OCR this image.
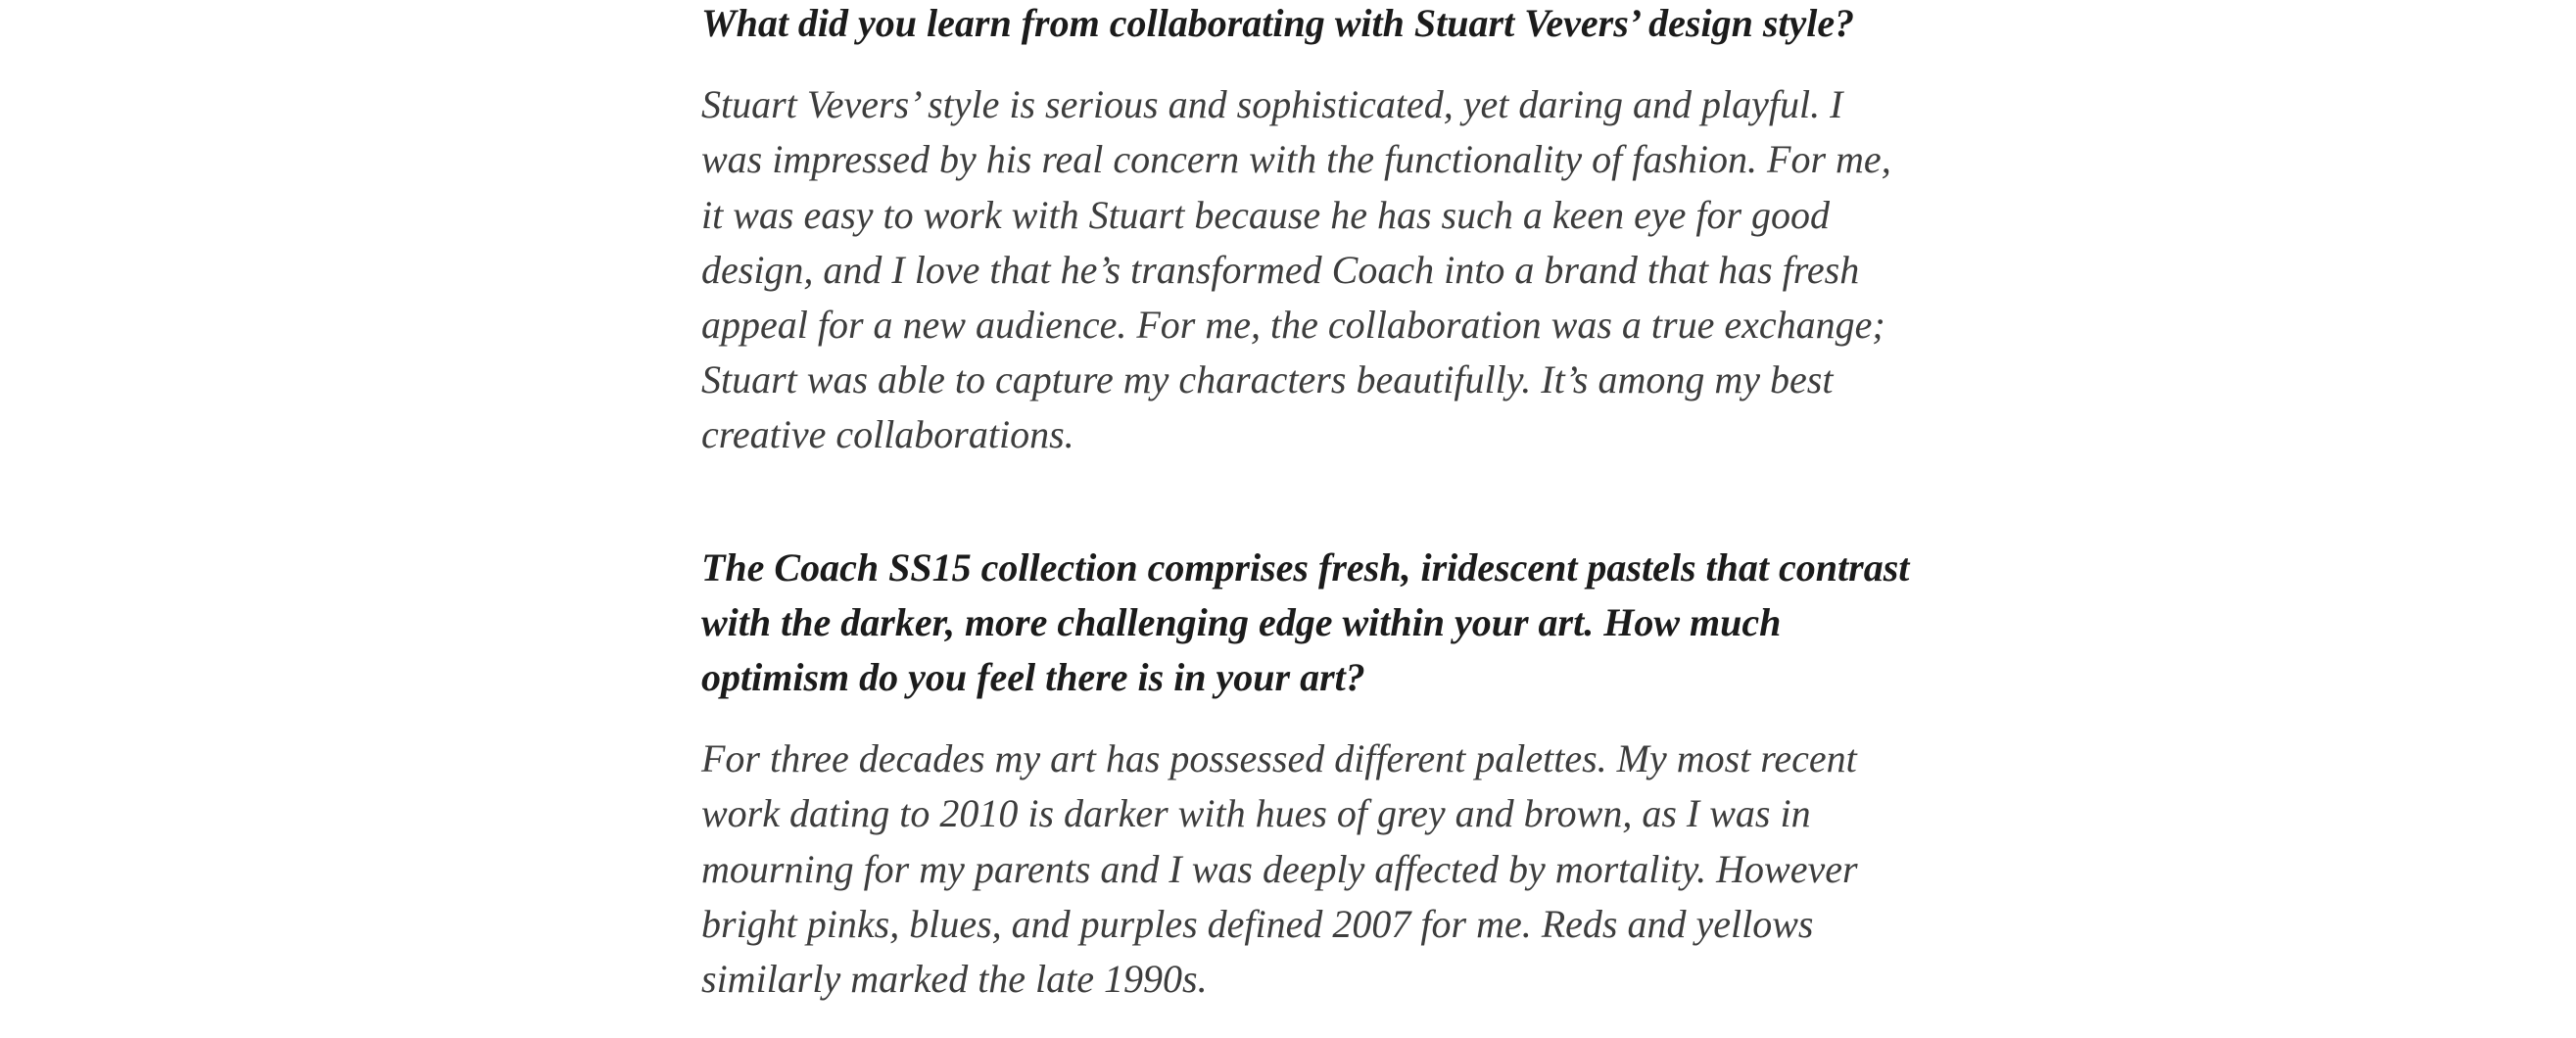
What did you learn from collaborating with Stuart Vevers’ design style?

Stuart Vevers’ style is serious and sophisticated, yet daring and playful. I was impressed by his real concern with the functionality of fashion. For me, it was easy to work with Stuart because he has such a keen eye for good design, and I love that he’s transformed Coach into a brand that has fresh appeal for a new audience. For me, the collaboration was a true exchange; Stuart was able to capture my characters beautifully. It’s among my best creative collaborations.

The Coach SS15 collection comprises fresh, iridescent pastels that contrast with the darker, more challenging edge within your art. How much optimism do you feel there is in your art?

For three decades my art has possessed different palettes. My most recent work dating to 2010 is darker with hues of grey and brown, as I was in mourning for my parents and I was deeply affected by mortality. However bright pinks, blues, and purples defined 2007 for me. Reds and yellows similarly marked the late 1990s.
